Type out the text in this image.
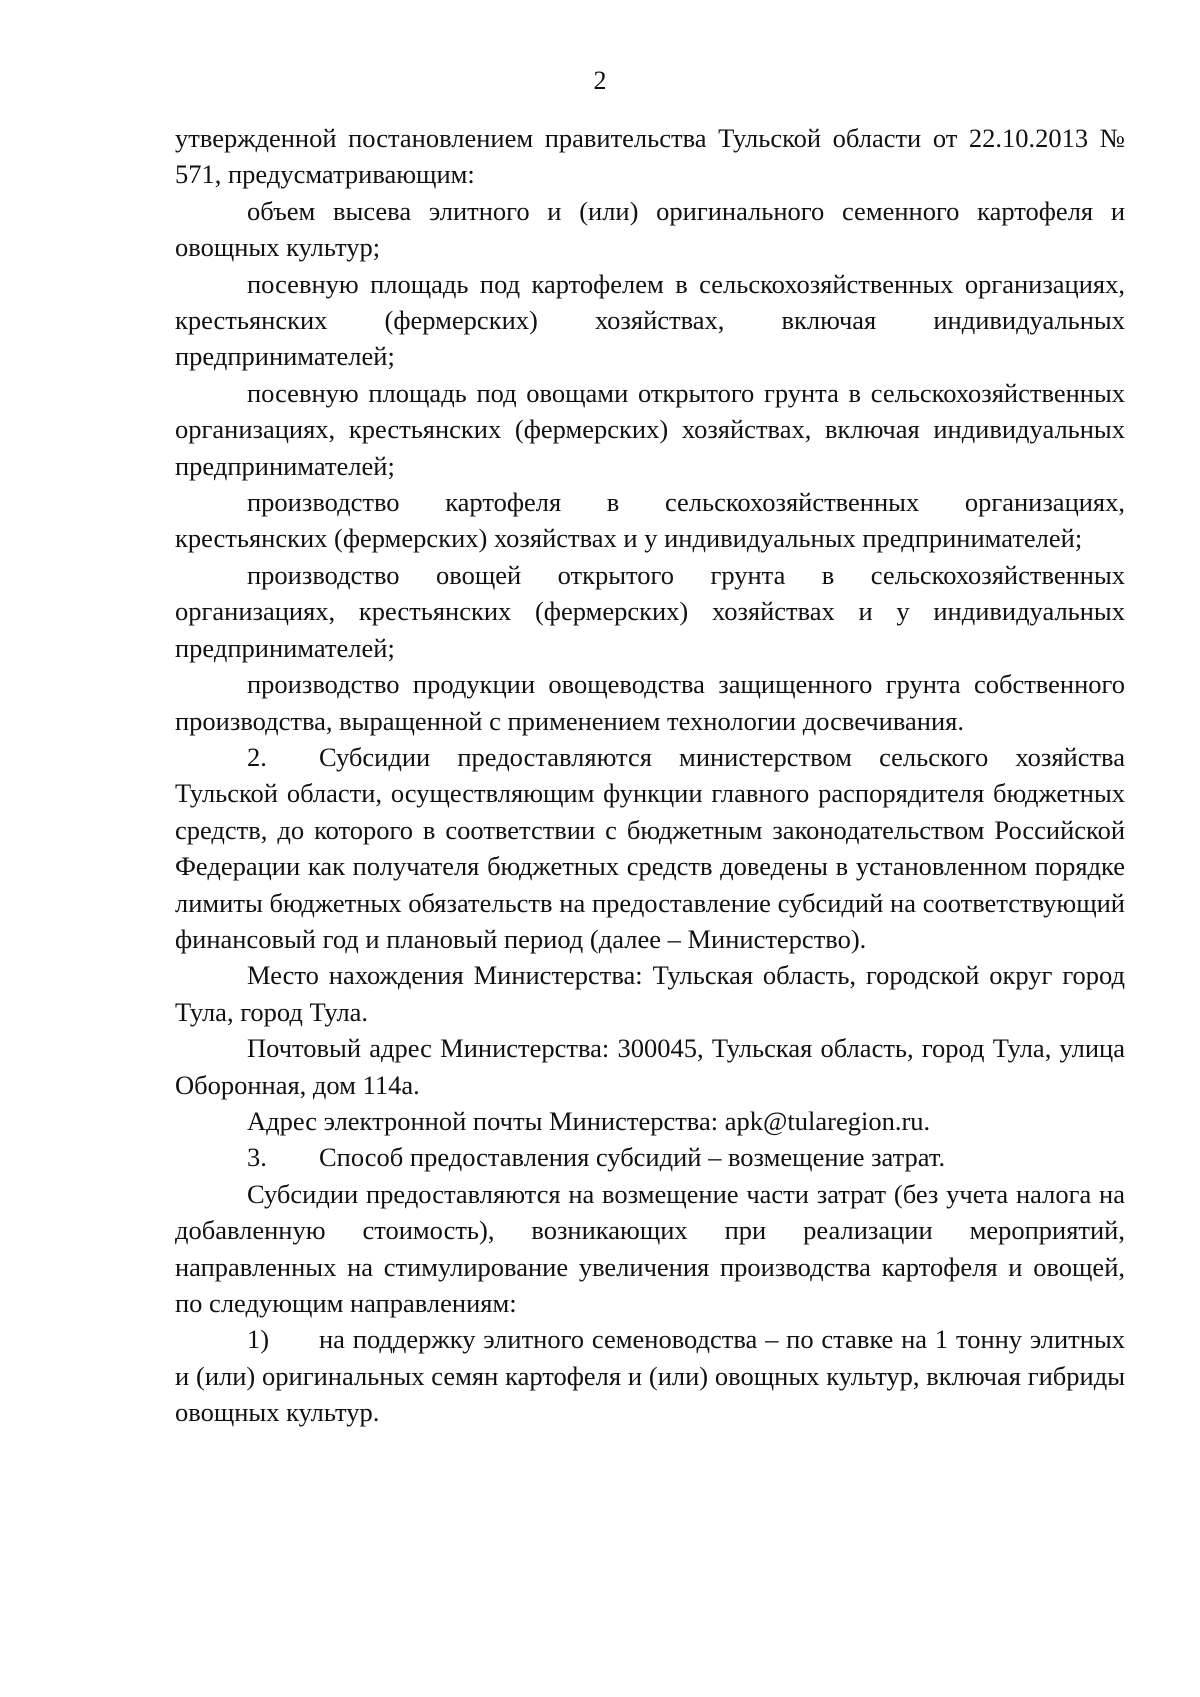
2

утвержденной постановлением правительства Тульской области от 22.10.2013 № 571, предусматривающим:

объем высева элитного и (или) оригинального семенного картофеля и овощных культур;

посевную площадь под картофелем в сельскохозяйственных организациях, крестьянских (фермерских) хозяйствах, включая индивидуальных предпринимателей;

посевную площадь под овощами открытого грунта в сельскохозяйственных организациях, крестьянских (фермерских) хозяйствах, включая индивидуальных предпринимателей;

производство картофеля в сельскохозяйственных организациях, крестьянских (фермерских) хозяйствах и у индивидуальных предпринимателей;

производство овощей открытого грунта в сельскохозяйственных организациях, крестьянских (фермерских) хозяйствах и у индивидуальных предпринимателей;

производство продукции овощеводства защищенного грунта собственного производства, выращенной с применением технологии досвечивания.

2. Субсидии предоставляются министерством сельского хозяйства Тульской области, осуществляющим функции главного распорядителя бюджетных средств, до которого в соответствии с бюджетным законодательством Российской Федерации как получателя бюджетных средств доведены в установленном порядке лимиты бюджетных обязательств на предоставление субсидий на соответствующий финансовый год и плановый период (далее – Министерство).

Место нахождения Министерства: Тульская область, городской округ город Тула, город Тула.

Почтовый адрес Министерства: 300045, Тульская область, город Тула, улица Оборонная, дом 114а.

Адрес электронной почты Министерства: apk@tularegion.ru.

3. Способ предоставления субсидий – возмещение затрат.

Субсидии предоставляются на возмещение части затрат (без учета налога на добавленную стоимость), возникающих при реализации мероприятий, направленных на стимулирование увеличения производства картофеля и овощей, по следующим направлениям:

1) на поддержку элитного семеноводства – по ставке на 1 тонну элитных и (или) оригинальных семян картофеля и (или) овощных культур, включая гибриды овощных культур.
